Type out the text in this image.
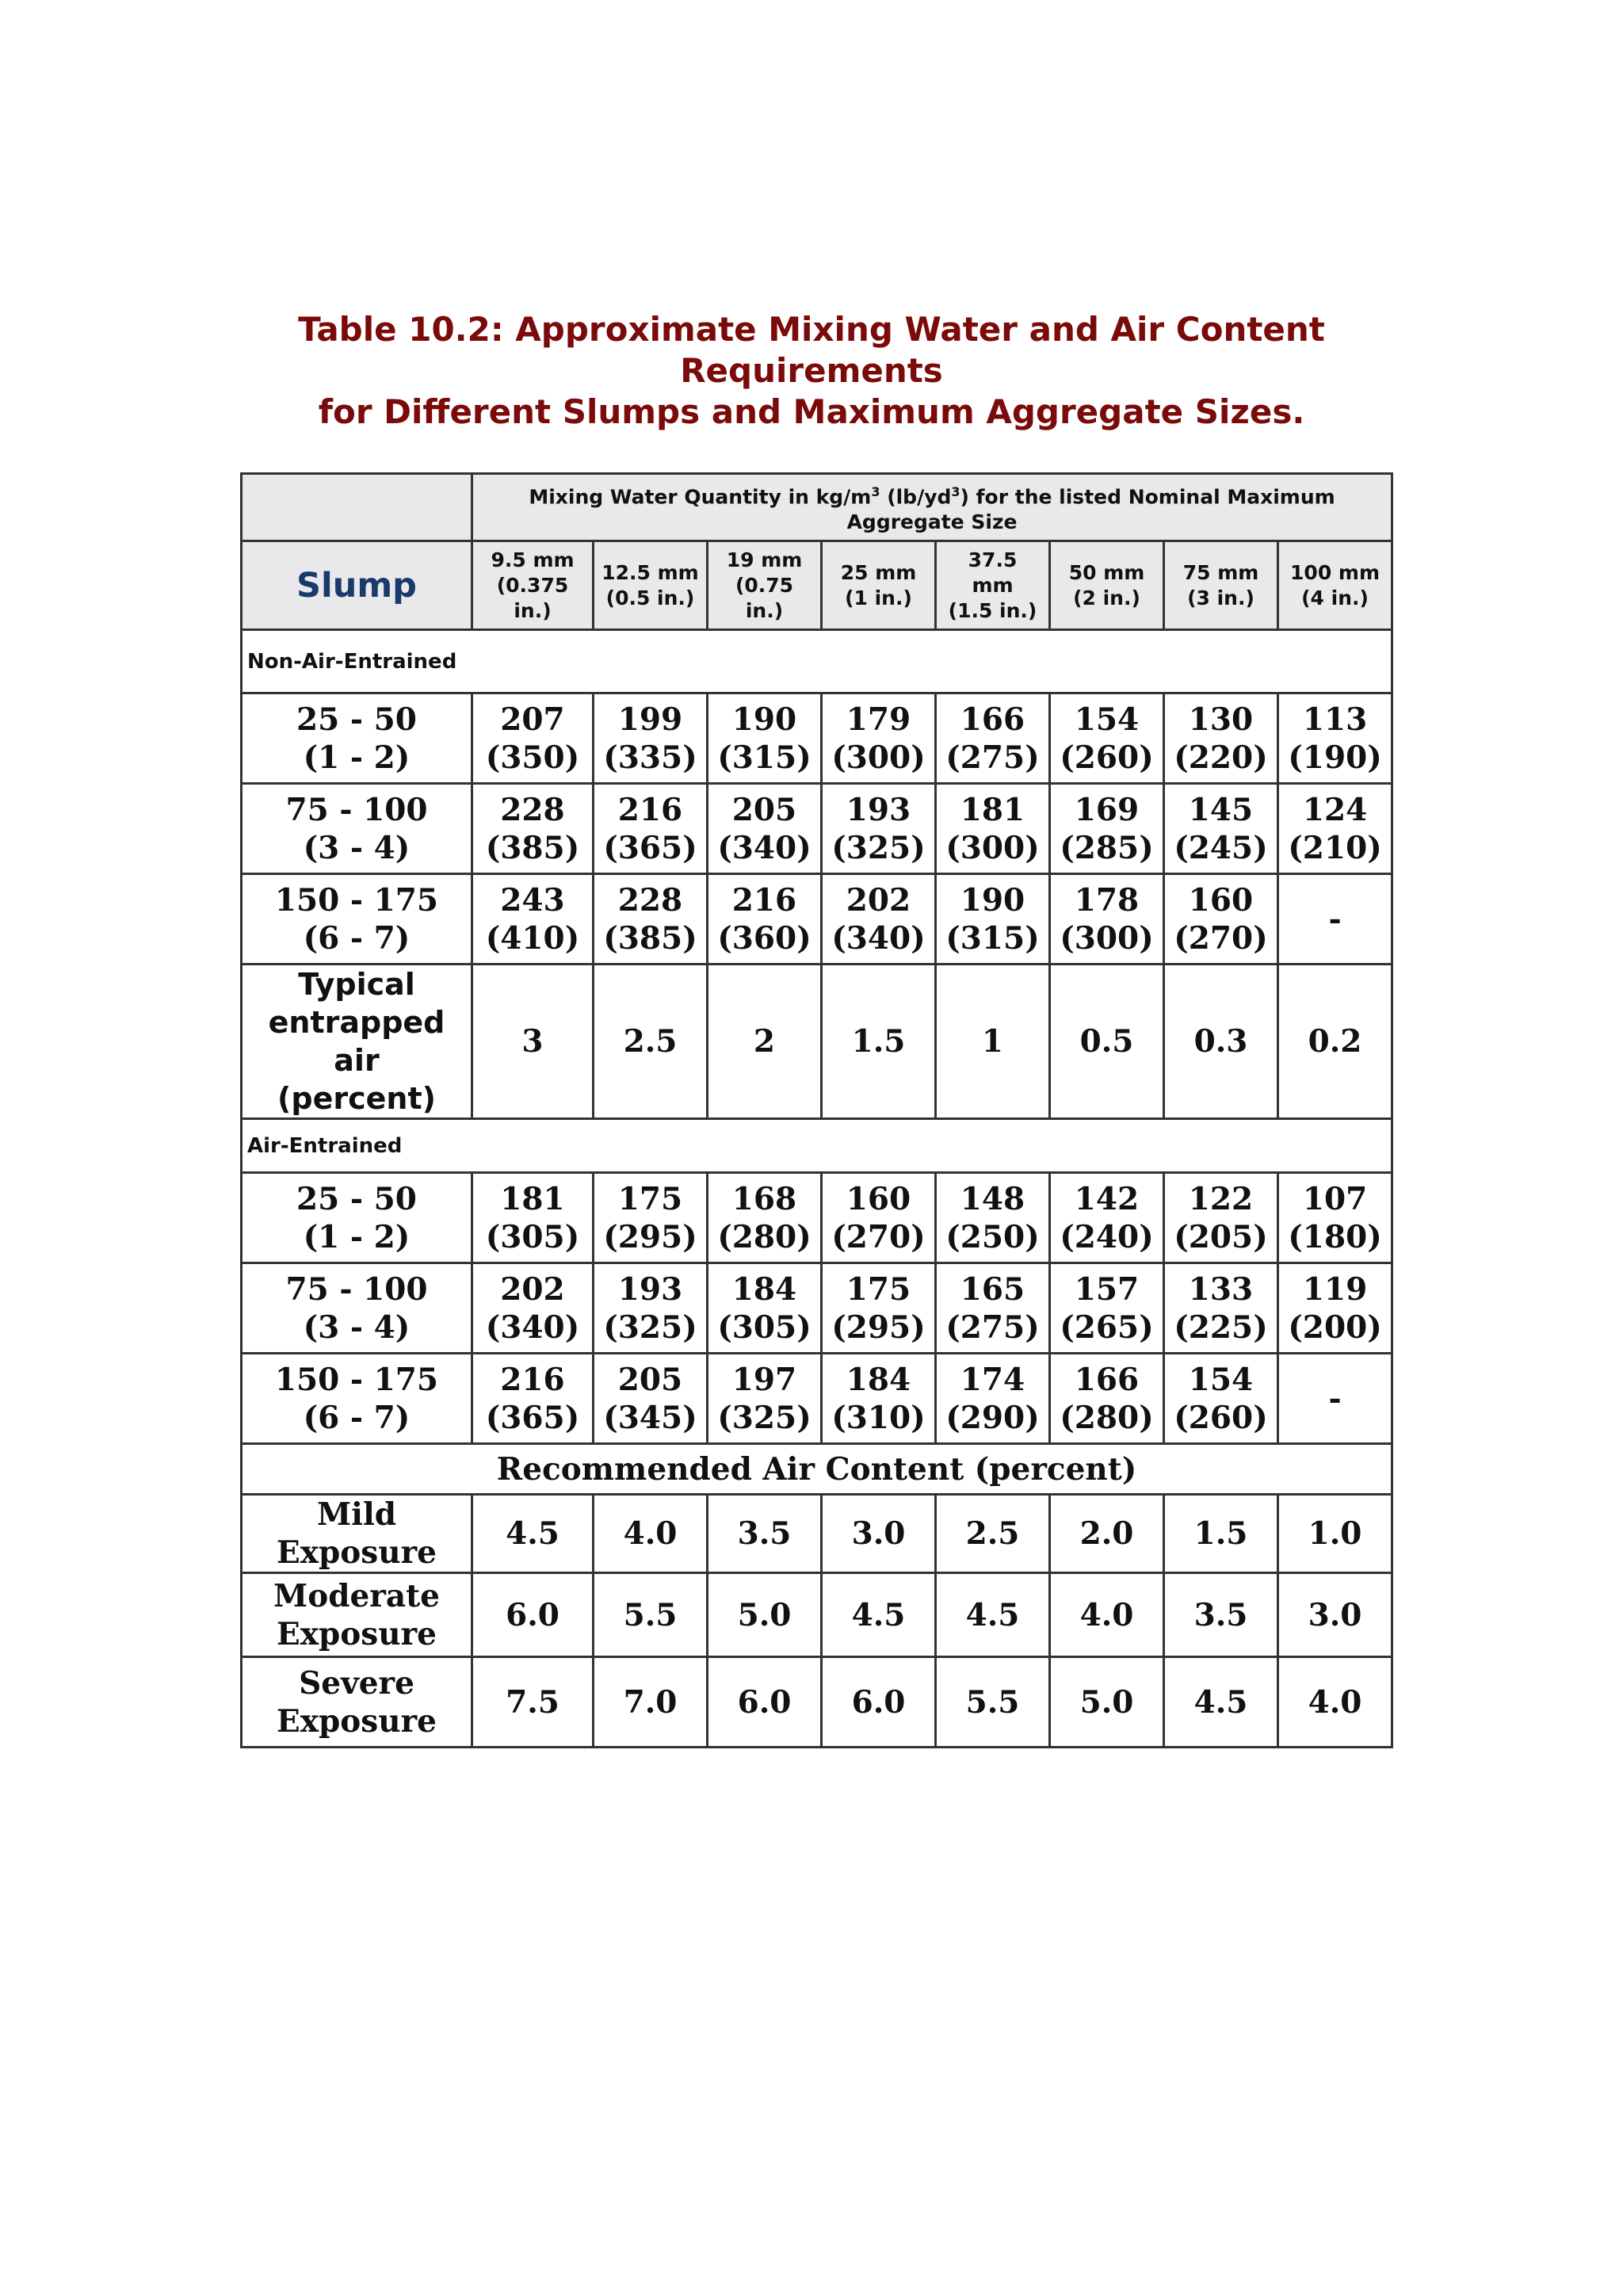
Table 10.2: Approximate Mixing Water and Air Content
Requirements
for Different Slumps and Maximum Aggregate Sizes.
	Mixing Water Quantity in $kg/m^3$ $(lb/yd^3)$ for the listed Nominal Maximum Aggregate Size							
Slump	9.5 mm
(0.375
in.)	12.5 mm
(0.5 in.)	19 mm
(0.75
in.)	25 mm
(1 in.)	37.5
mm
(1.5 in.)	50 mm
(2 in.)	75 mm
(3 in.)	100 mm
(4 in.)

Non-Air-Entrained								

25 - 50
(1 - 2)	207
(350)	199
(335)	190
(315)	179
(300)	166
(275)	154
(260)	130
(220)	113
(190)

75 - 100
(3 - 4)	228
(385)	216
(365)	205
(340)	193
(325)	181
(300)	169
(285)	145
(245)	124
(210)

150 - 175
(6 - 7)	243
(410)	228
(385)	216
(360)	202
(340)	190
(315)	178
(300)	160
(270)	-

Typical
entrapped air
(percent)	3	2.5	2	1.5	1	0.5	0.3	0.2
Air-Entrained								

25 - 50
(1 - 2)	181
(305)	175
(295)	168
(280)	160
(270)	148
(250)	142
(240)	122
(205)	107
(180)

75 - 100
(3 - 4)	202
(340)	193
(325)	184
(305)	175
(295)	165
(275)	157
(265)	133
(225)	119
(200)

150 - 175
(6 - 7)	216
(365)	205
(345)	197
(325)	184
(310)	174
(290)	166
(280)	154
(260)	-

Recommended Air Content (percent)								

Mild Exposure	4.5	4.0	3.5	3.0	2.5	2.0	1.5	1.0

Moderate
Exposure	6.0	5.5	5.0	4.5	4.5	4.0	3.5	3.0

Severe
Exposure	7.5	7.0	6.0	6.0	5.5	5.0	4.5	4.0
